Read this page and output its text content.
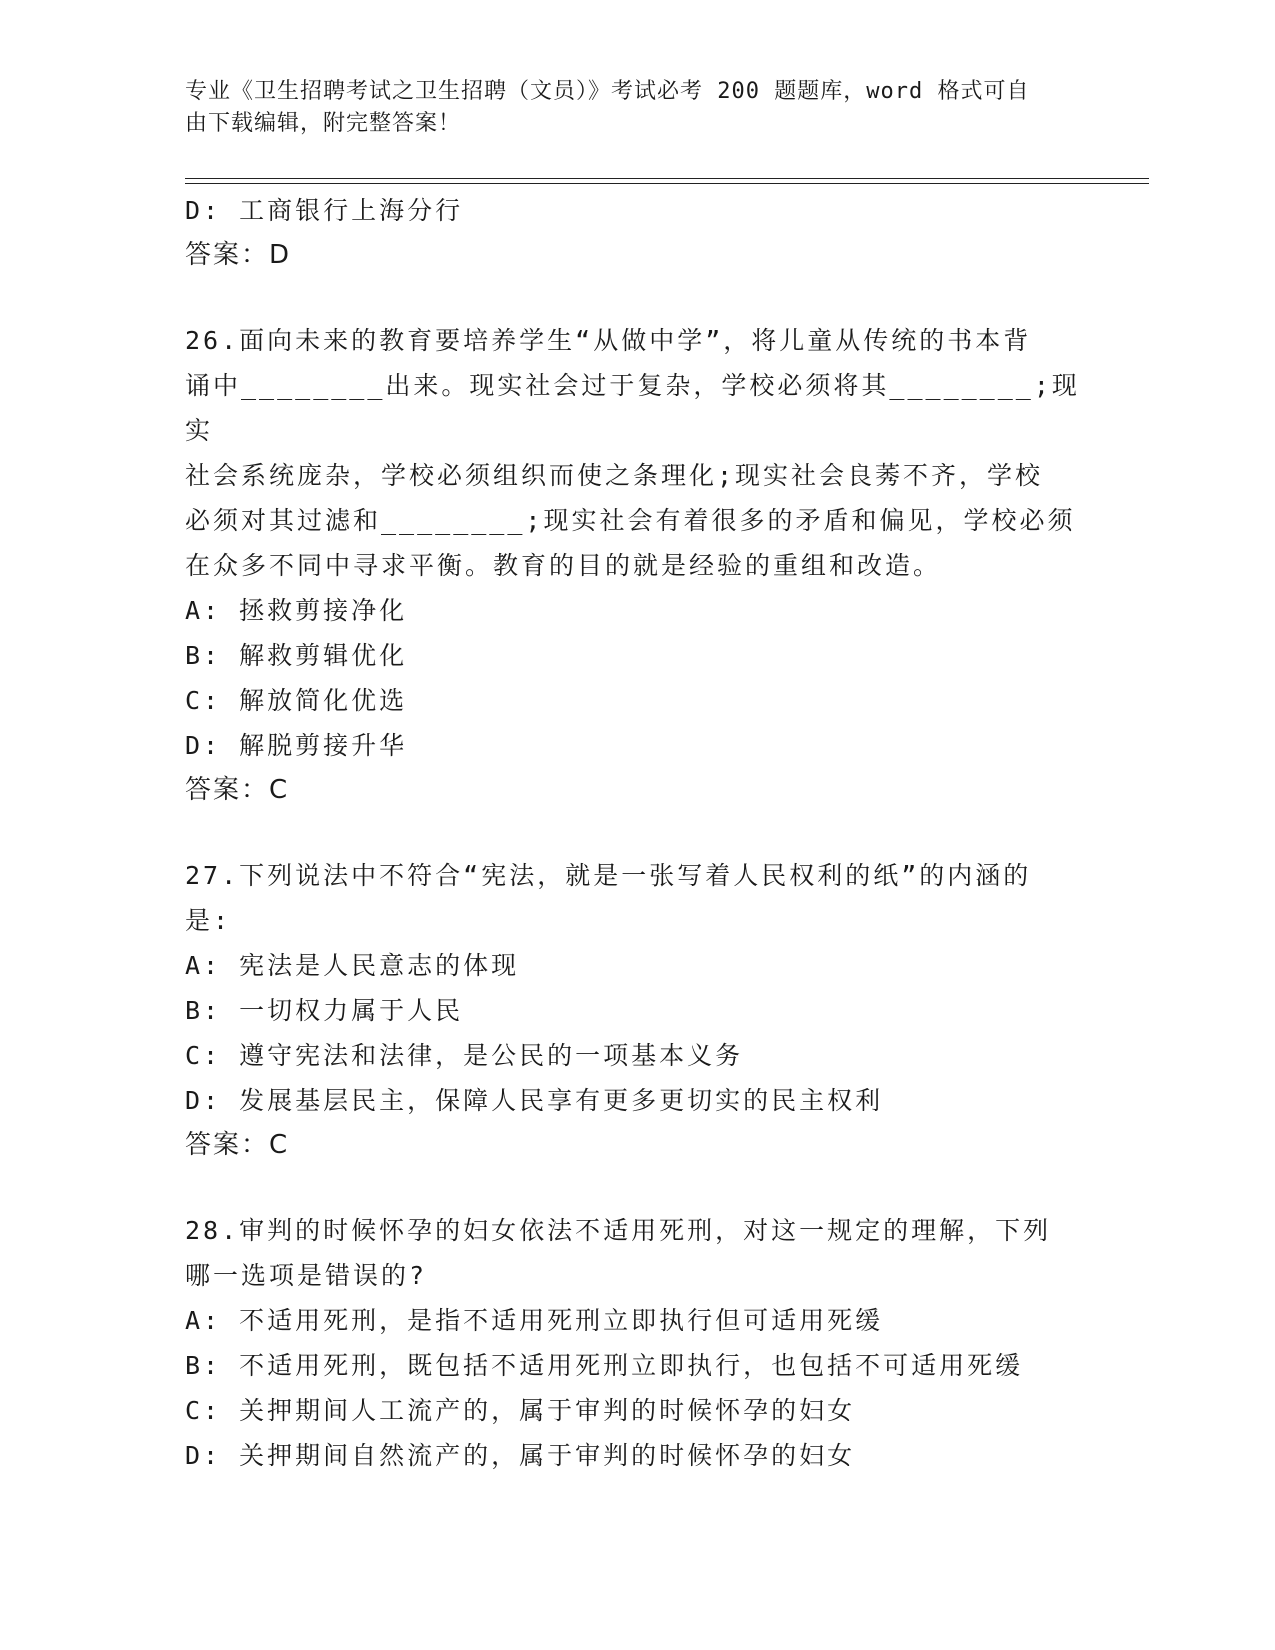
专业《卫生招聘考试之卫生招聘（文员）》考试必考 200 题题库，word 格式可自
由下载编辑，附完整答案！
D: 工商银行上海分行
答案：D
26.面向未来的教育要培养学生“从做中学”，将儿童从传统的书本背
诵中________出来。现实社会过于复杂，学校必须将其________;现实
社会系统庞杂，学校必须组织而使之条理化;现实社会良莠不齐，学校
必须对其过滤和________;现实社会有着很多的矛盾和偏见，学校必须
在众多不同中寻求平衡。教育的目的就是经验的重组和改造。
A: 拯救剪接净化
B: 解救剪辑优化
C: 解放简化优选
D: 解脱剪接升华
答案：C
27.下列说法中不符合“宪法，就是一张写着人民权利的纸”的内涵的
是:
A: 宪法是人民意志的体现
B: 一切权力属于人民
C: 遵守宪法和法律，是公民的一项基本义务
D: 发展基层民主，保障人民享有更多更切实的民主权利
答案：C
28.审判的时候怀孕的妇女依法不适用死刑，对这一规定的理解，下列
哪一选项是错误的?
A: 不适用死刑，是指不适用死刑立即执行但可适用死缓
B: 不适用死刑，既包括不适用死刑立即执行，也包括不可适用死缓
C: 关押期间人工流产的，属于审判的时候怀孕的妇女
D: 关押期间自然流产的，属于审判的时候怀孕的妇女
